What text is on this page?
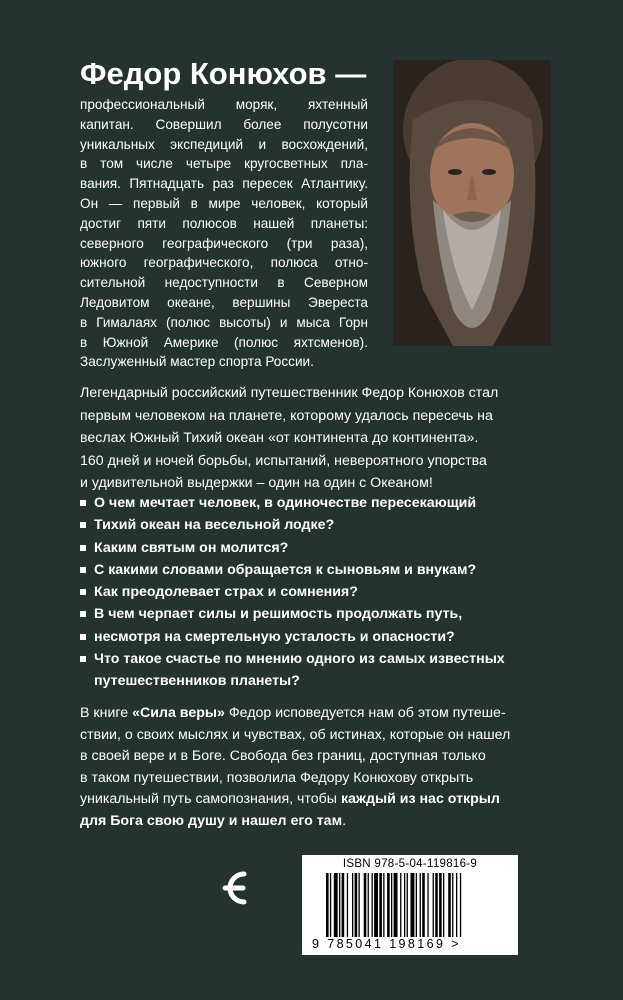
Федор Конюхов —
профессиональный моряк, яхтенный
капитан. Совершил более полусотни
уникальных экспедиций и восхождений,
в том числе четыре кругосветных пла-
вания. Пятнадцать раз пересек Атлантику.
Он — первый в мире человек, который
достиг пяти полюсов нашей планеты:
северного географического (три раза),
южного географического, полюса отно-
сительной недоступности в Северном
Ледовитом океане, вершины Эвереста
в Гималаях (полюс высоты) и мыса Горн
в Южной Америке (полюс яхтсменов).
Заслуженный мастер спорта России.
Легендарный российский путешественник Федор Конюхов стал
первым человеком на планете, которому удалось пересечь на
веслах Южный Тихий океан «от континента до континента».
160 дней и ночей борьбы, испытаний, невероятного упорства
и удивительной выдержки – один на один с Океаном!
О чем мечтает человек, в одиночестве пересекающий
Тихий океан на весельной лодке?
Каким святым он молится?
С какими словами обращается к сыновьям и внукам?
Как преодолевает страх и сомнения?
В чем черпает силы и решимость продолжать путь,
несмотря на смертельную усталость и опасности?
Что такое счастье по мнению одного из самых известных
путешественников планеты?
В книге «Сила веры» Федор исповедуется нам об этом путеше-
ствии, о своих мыслях и чувствах, об истинах, которые он нашел
в своей вере и в Боге. Свобода без границ, доступная только
в таком путешествии, позволила Федору Конюхову открыть
уникальный путь самопознания, чтобы каждый из нас открыл
для Бога свою душу и нашел его там.
ISBN 978-5-04-119816-9
9 785041 198169 >
